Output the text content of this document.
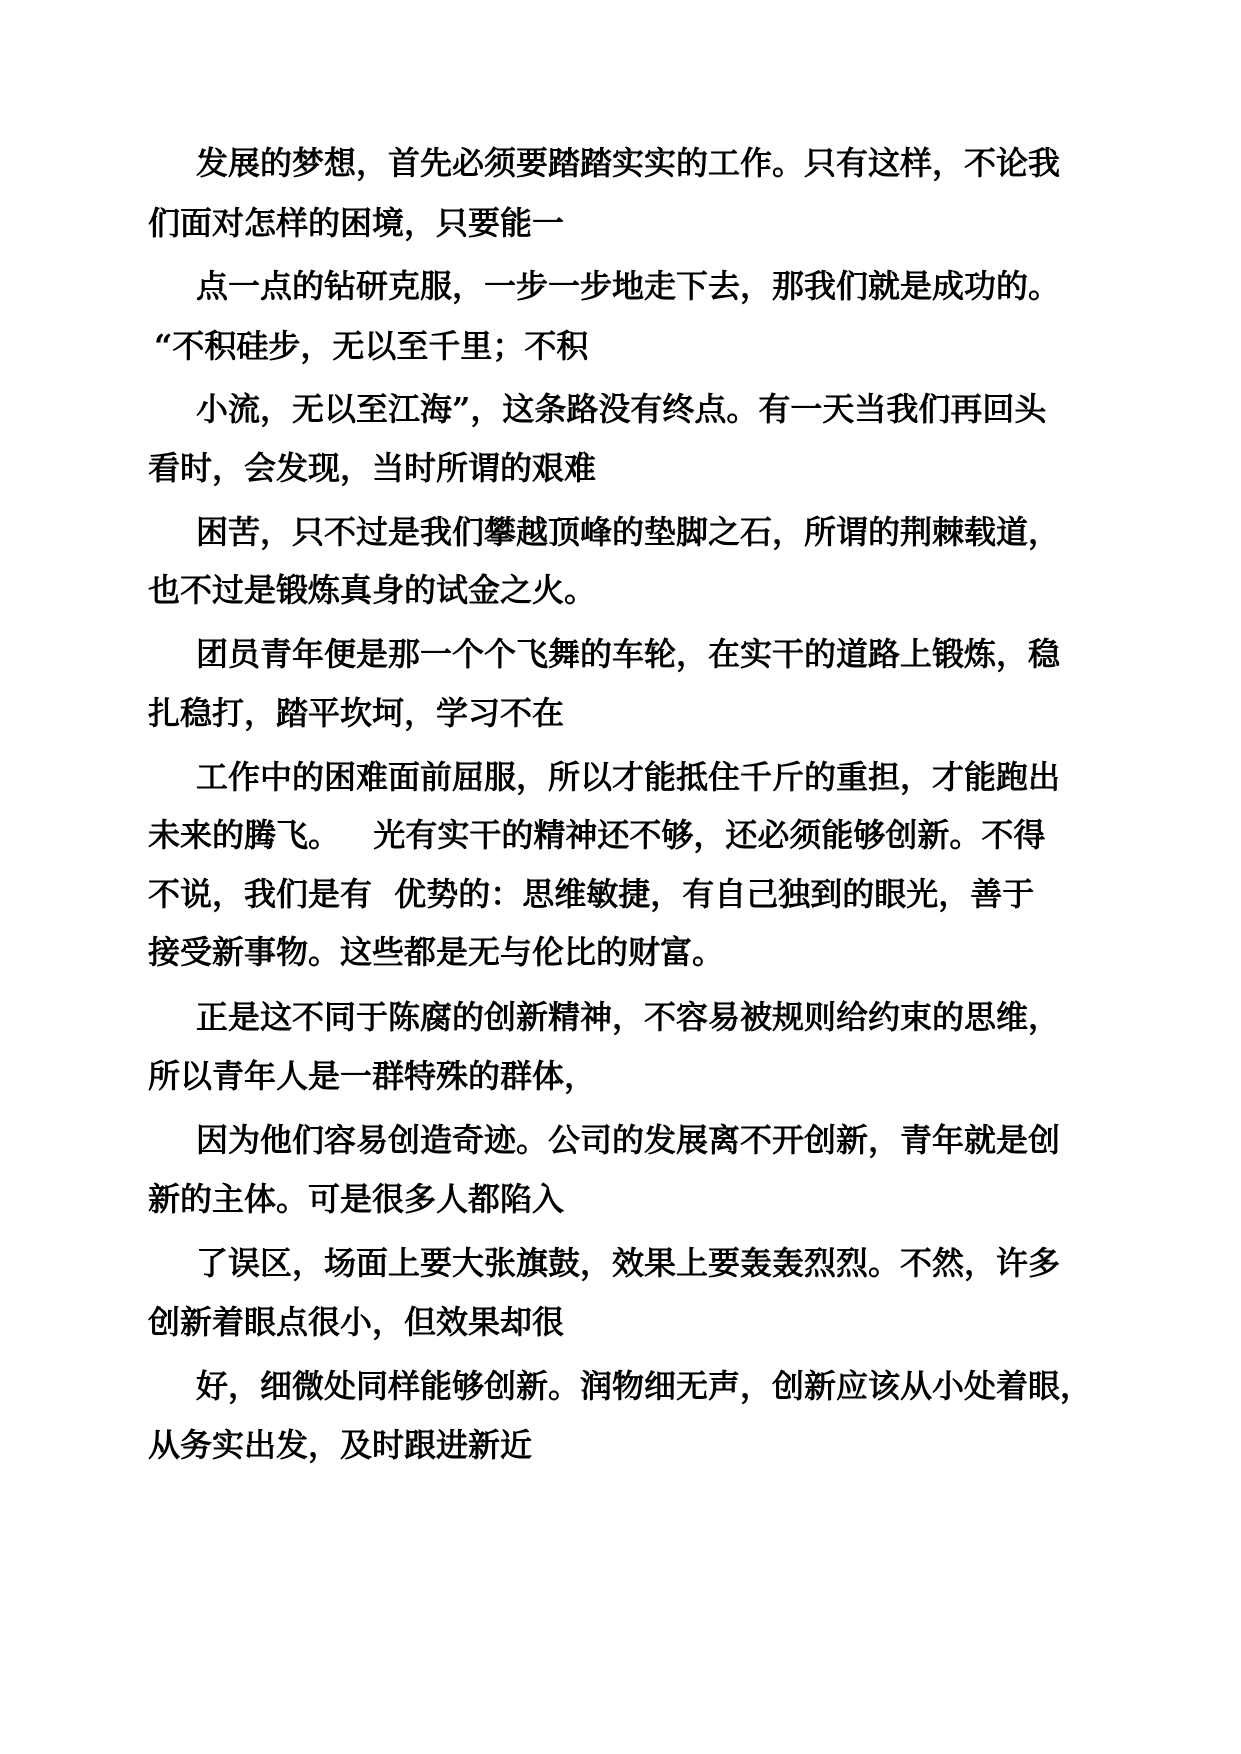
发展的梦想，首先必须要踏踏实实的工作。只有这样，不论我
们面对怎样的困境，只要能一
点一点的钻研克服，一步一步地走下去，那我们就是成功的。
“不积硅步，无以至千里；不积
小流，无以至江海”，这条路没有终点。有一天当我们再回头
看时，会发现，当时所谓的艰难
困苦，只不过是我们攀越顶峰的垫脚之石，所谓的荆棘载道，
也不过是锻炼真身的试金之火。
团员青年便是那一个个飞舞的车轮，在实干的道路上锻炼，稳
扎稳打，踏平坎坷，学习不在
工作中的困难面前屈服，所以才能抵住千斤的重担，才能跑出
未来的腾飞。   光有实干的精神还不够，还必须能够创新。不得
不说，我们是有  优势的：思维敏捷，有自己独到的眼光，善于
接受新事物。这些都是无与伦比的财富。
正是这不同于陈腐的创新精神，不容易被规则给约束的思维，
所以青年人是一群特殊的群体，
因为他们容易创造奇迹。公司的发展离不开创新，青年就是创
新的主体。可是很多人都陷入
了误区，场面上要大张旗鼓，效果上要轰轰烈烈。不然，许多
创新着眼点很小，但效果却很
好，细微处同样能够创新。润物细无声，创新应该从小处着眼，
从务实出发，及时跟进新近
